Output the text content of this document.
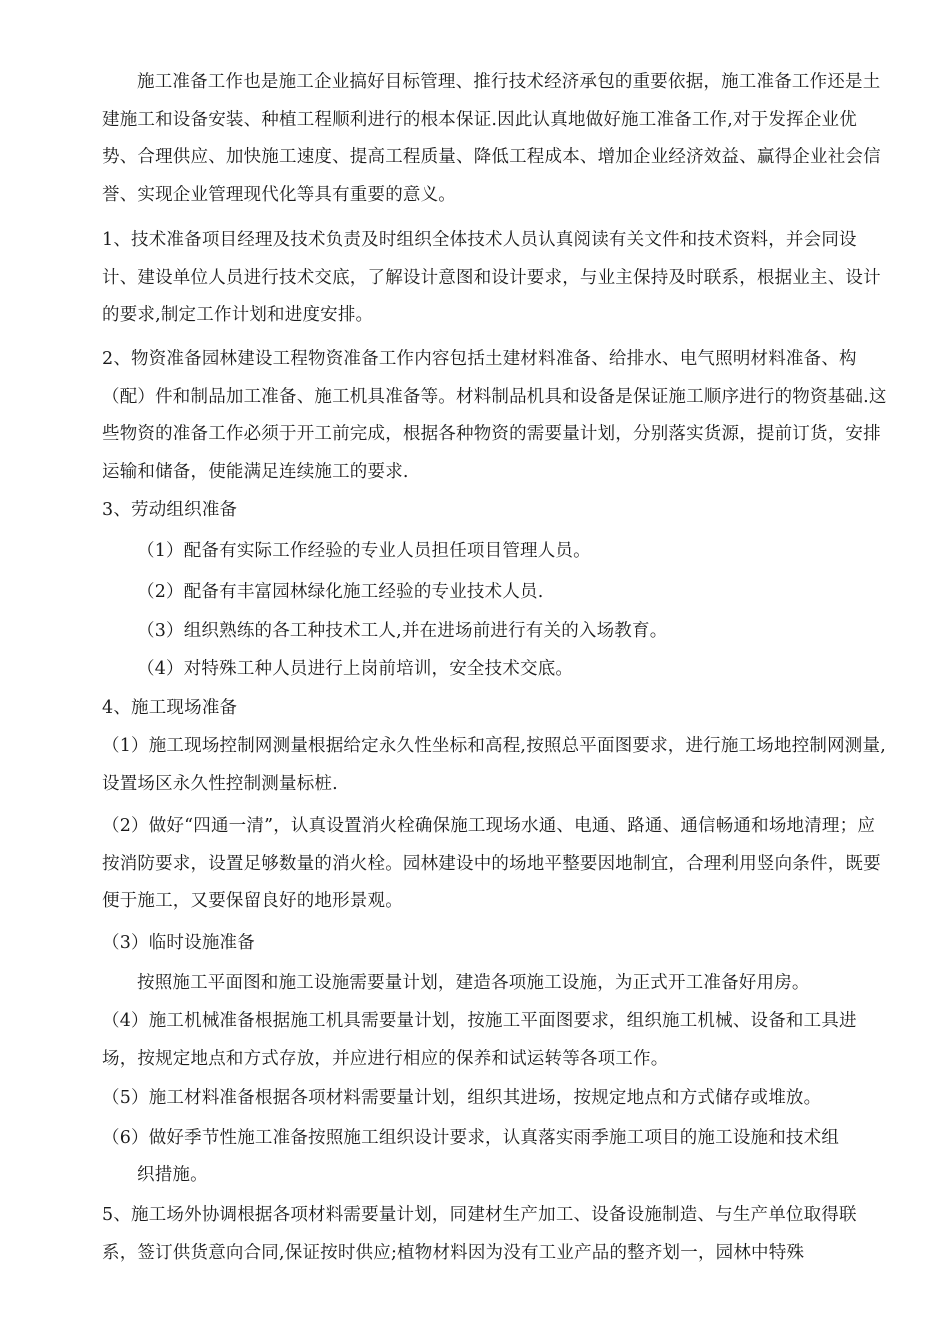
施工准备工作也是施工企业搞好目标管理、推行技术经济承包的重要依据，施工准备工作还是土建施工和设备安装、种植工程顺利进行的根本保证.因此认真地做好施工准备工作,对于发挥企业优势、合理供应、加快施工速度、提高工程质量、降低工程成本、增加企业经济效益、赢得企业社会信誉、实现企业管理现代化等具有重要的意义。
1、技术准备项目经理及技术负责及时组织全体技术人员认真阅读有关文件和技术资料，并会同设计、建设单位人员进行技术交底，了解设计意图和设计要求，与业主保持及时联系，根据业主、设计的要求,制定工作计划和进度安排。
2、物资准备园林建设工程物资准备工作内容包括土建材料准备、给排水、电气照明材料准备、构（配）件和制品加工准备、施工机具准备等。材料制品机具和设备是保证施工顺序进行的物资基础.这些物资的准备工作必须于开工前完成，根据各种物资的需要量计划，分别落实货源，提前订货，安排运输和储备，使能满足连续施工的要求.
3、劳动组织准备
（1）配备有实际工作经验的专业人员担任项目管理人员。
（2）配备有丰富园林绿化施工经验的专业技术人员.
（3）组织熟练的各工种技术工人,并在进场前进行有关的入场教育。
（4）对特殊工种人员进行上岗前培训，安全技术交底。
4、施工现场准备
（1）施工现场控制网测量根据给定永久性坐标和高程,按照总平面图要求，进行施工场地控制网测量,设置场区永久性控制测量标桩.
（2）做好“四通一清”，认真设置消火栓确保施工现场水通、电通、路通、通信畅通和场地清理；应按消防要求，设置足够数量的消火栓。园林建设中的场地平整要因地制宜，合理利用竖向条件，既要便于施工，又要保留良好的地形景观。
（3）临时设施准备
按照施工平面图和施工设施需要量计划，建造各项施工设施，为正式开工准备好用房。
（4）施工机械准备根据施工机具需要量计划，按施工平面图要求，组织施工机械、设备和工具进场，按规定地点和方式存放，并应进行相应的保养和试运转等各项工作。
（5）施工材料准备根据各项材料需要量计划，组织其进场，按规定地点和方式储存或堆放。
（6）做好季节性施工准备按照施工组织设计要求，认真落实雨季施工项目的施工设施和技术组
织措施。
5、施工场外协调根据各项材料需要量计划，同建材生产加工、设备设施制造、与生产单位取得联系，签订供货意向合同,保证按时供应;植物材料因为没有工业产品的整齐划一，园林中特殊
